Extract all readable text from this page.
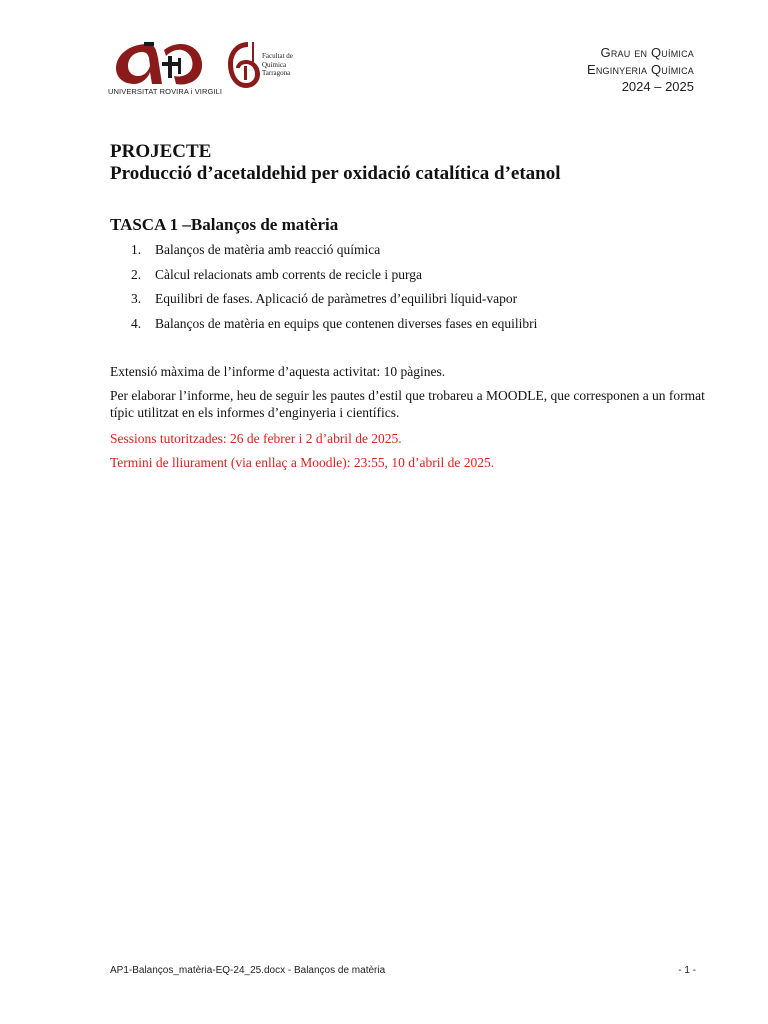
UNIVERSITAT ROVIRA i VIRGILI
Facultat de
Química
Tarragona
Grau en Química
Enginyeria Química
2024 – 2025
PROJECTE
Producció d’acetaldehid per oxidació catalítica d’etanol
TASCA 1 –Balanços de matèria
1. Balanços de matèria amb reacció química
2. Càlcul relacionats amb corrents de recicle i purga
3. Equilibri de fases. Aplicació de paràmetres d’equilibri líquid-vapor
4. Balanços de matèria en equips que contenen diverses fases en equilibri

Extensió màxima de l’informe d’aquesta activitat: 10 pàgines.

Per elaborar l’informe, heu de seguir les pautes d’estil que trobareu a MOODLE, que corresponen a un format típic utilitzat en els informes d’enginyeria i científics.

Sessions tutoritzades: 26 de febrer i 2 d’abril de 2025.

Termini de lliurament (via enllaç a Moodle): 23:55, 10 d’abril de 2025.

AP1-Balanços_matèria-EQ-24_25.docx - Balanços de matèria	- 1 -
